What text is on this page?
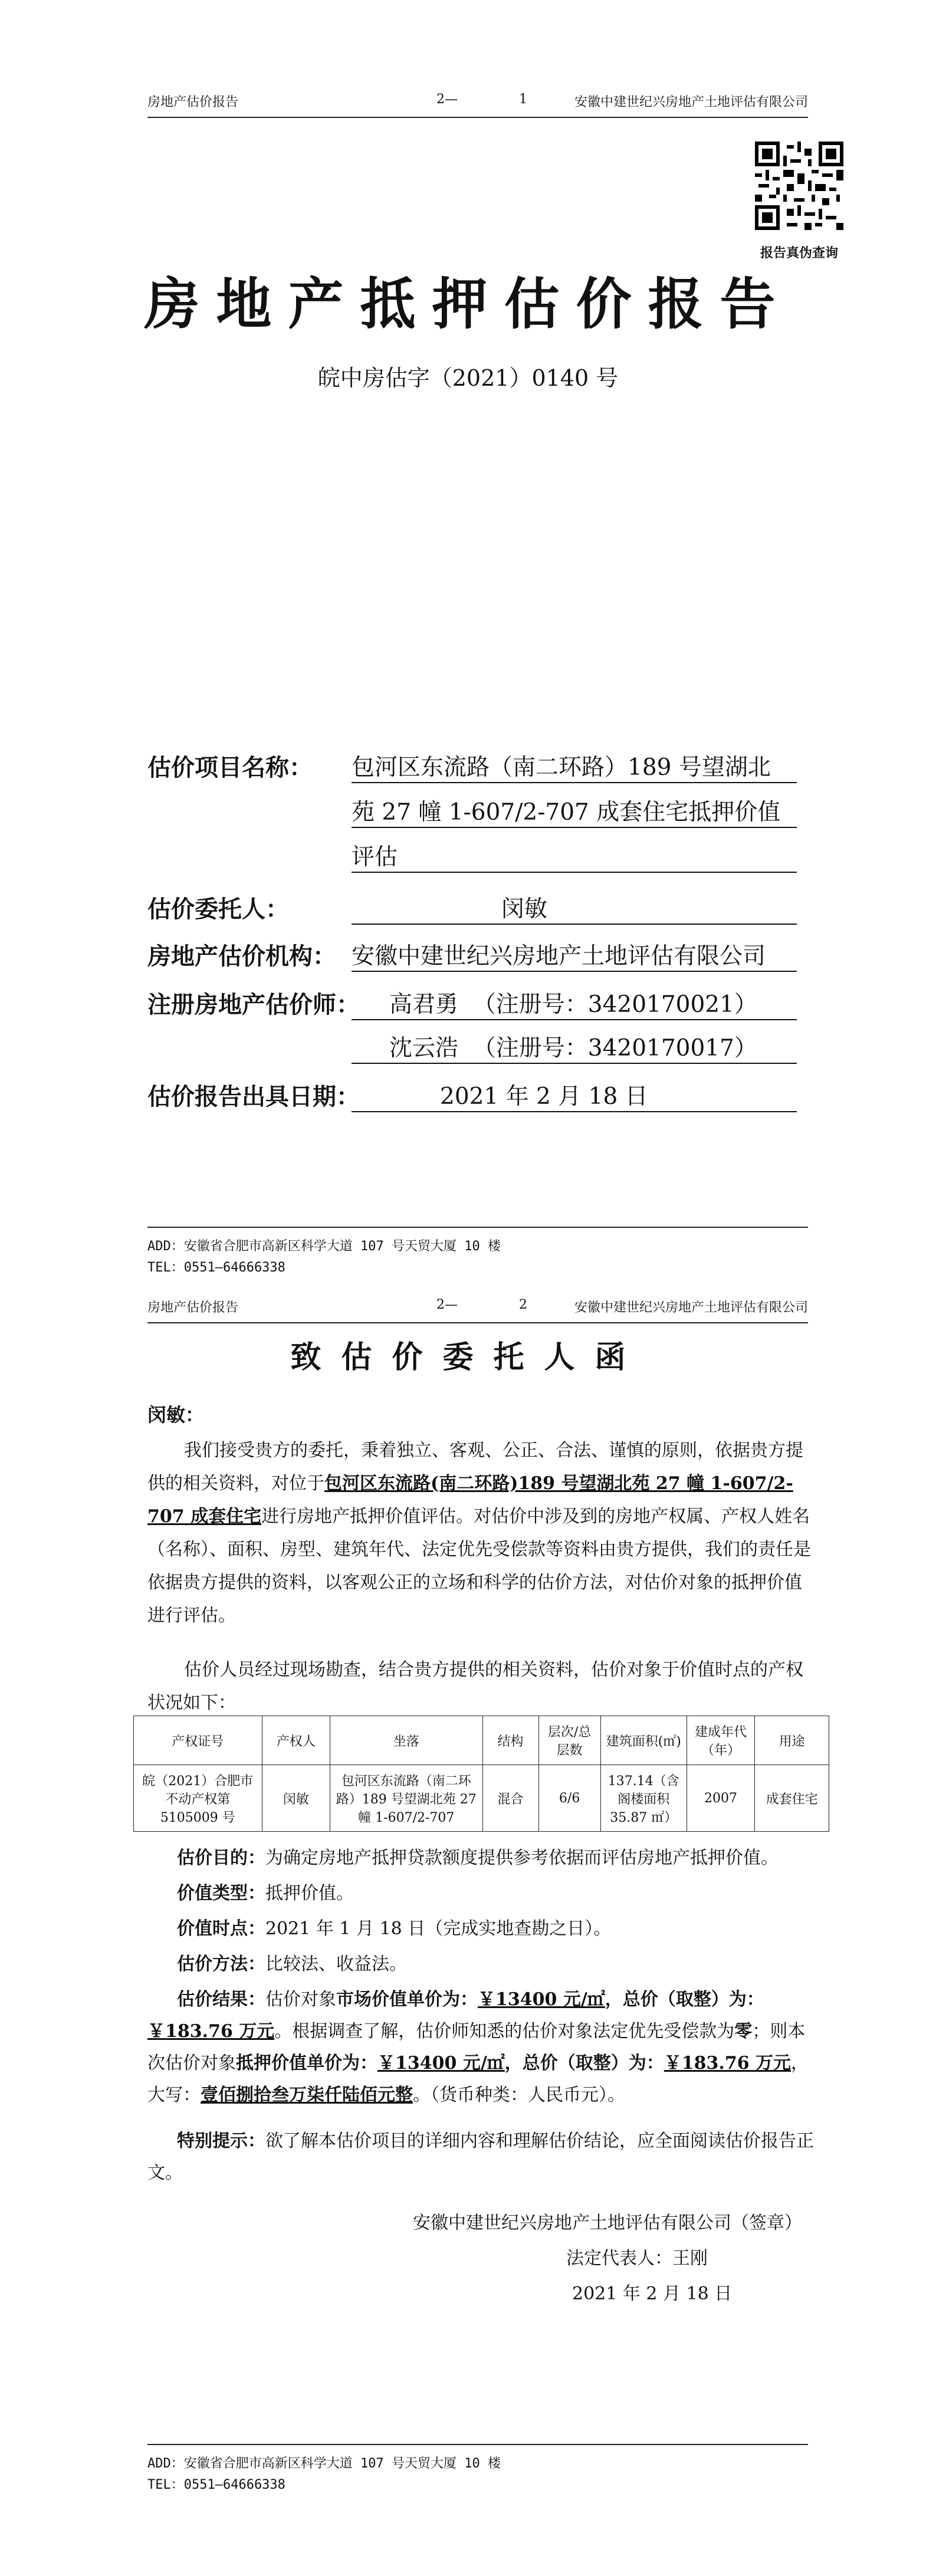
房地产估价报告	2—	1	安徽中建世纪兴房地产土地评估有限公司
报告真伪查询
房地产抵押估价报告
皖中房估字（2021）0140 号
估价项目名称： 包河区东流路（南二环路）189 号望湖北
苑 27 幢 1-607/2-707 成套住宅抵押价值
评估
估价委托人：	闵敏
房地产估价机构： 安徽中建世纪兴房地产土地评估有限公司
注册房地产估价师： 高君勇  （注册号：3420170021）
沈云浩  （注册号：3420170017）
估价报告出具日期：	2021 年 2 月 18 日
ADD：安徽省合肥市高新区科学大道 107 号天贸大厦 10 楼
TEL：0551—64666338
房地产估价报告	2—	2	安徽中建世纪兴房地产土地评估有限公司
致估价委托人函
闵敏：
我们接受贵方的委托，秉着独立、客观、公正、合法、谨慎的原则，依据贵方提供的相关资料，对位于包河区东流路(南二环路)189 号望湖北苑 27 幢 1-607/2-707 成套住宅进行房地产抵押价值评估。对估价中涉及到的房地产权属、产权人姓名（名称）、面积、房型、建筑年代、法定优先受偿款等资料由贵方提供，我们的责任是依据贵方提供的资料，以客观公正的立场和科学的估价方法，对估价对象的抵押价值进行评估。
估价人员经过现场勘查，结合贵方提供的相关资料，估价对象于价值时点的产权状况如下：
产权证号	产权人	坐落	结构	层次/总层数	建筑面积(㎡)	建成年代（年）	用途
皖（2021）合肥市不动产权第 5105009 号	闵敏	包河区东流路（南二环路）189 号望湖北苑 27 幢 1-607/2-707	混合	6/6	137.14（含阁楼面积 35.87 ㎡）	2007	成套住宅
估价目的：为确定房地产抵押贷款额度提供参考依据而评估房地产抵押价值。
价值类型：抵押价值。
价值时点：2021 年 1 月 18 日（完成实地查勘之日）。
估价方法：比较法、收益法。
估价结果：估价对象市场价值单价为：￥13400 元/㎡，总价（取整）为：￥183.76 万元。根据调查了解，估价师知悉的估价对象法定优先受偿款为零；则本次估价对象抵押价值单价为：￥13400 元/㎡，总价（取整）为：￥183.76 万元，大写：壹佰捌拾叁万柒仟陆佰元整。（货币种类：人民币元）。
特别提示：欲了解本估价项目的详细内容和理解估价结论，应全面阅读估价报告正文。
安徽中建世纪兴房地产土地评估有限公司（签章）
法定代表人：王刚
2021 年 2 月 18 日
ADD：安徽省合肥市高新区科学大道 107 号天贸大厦 10 楼
TEL：0551—64666338
